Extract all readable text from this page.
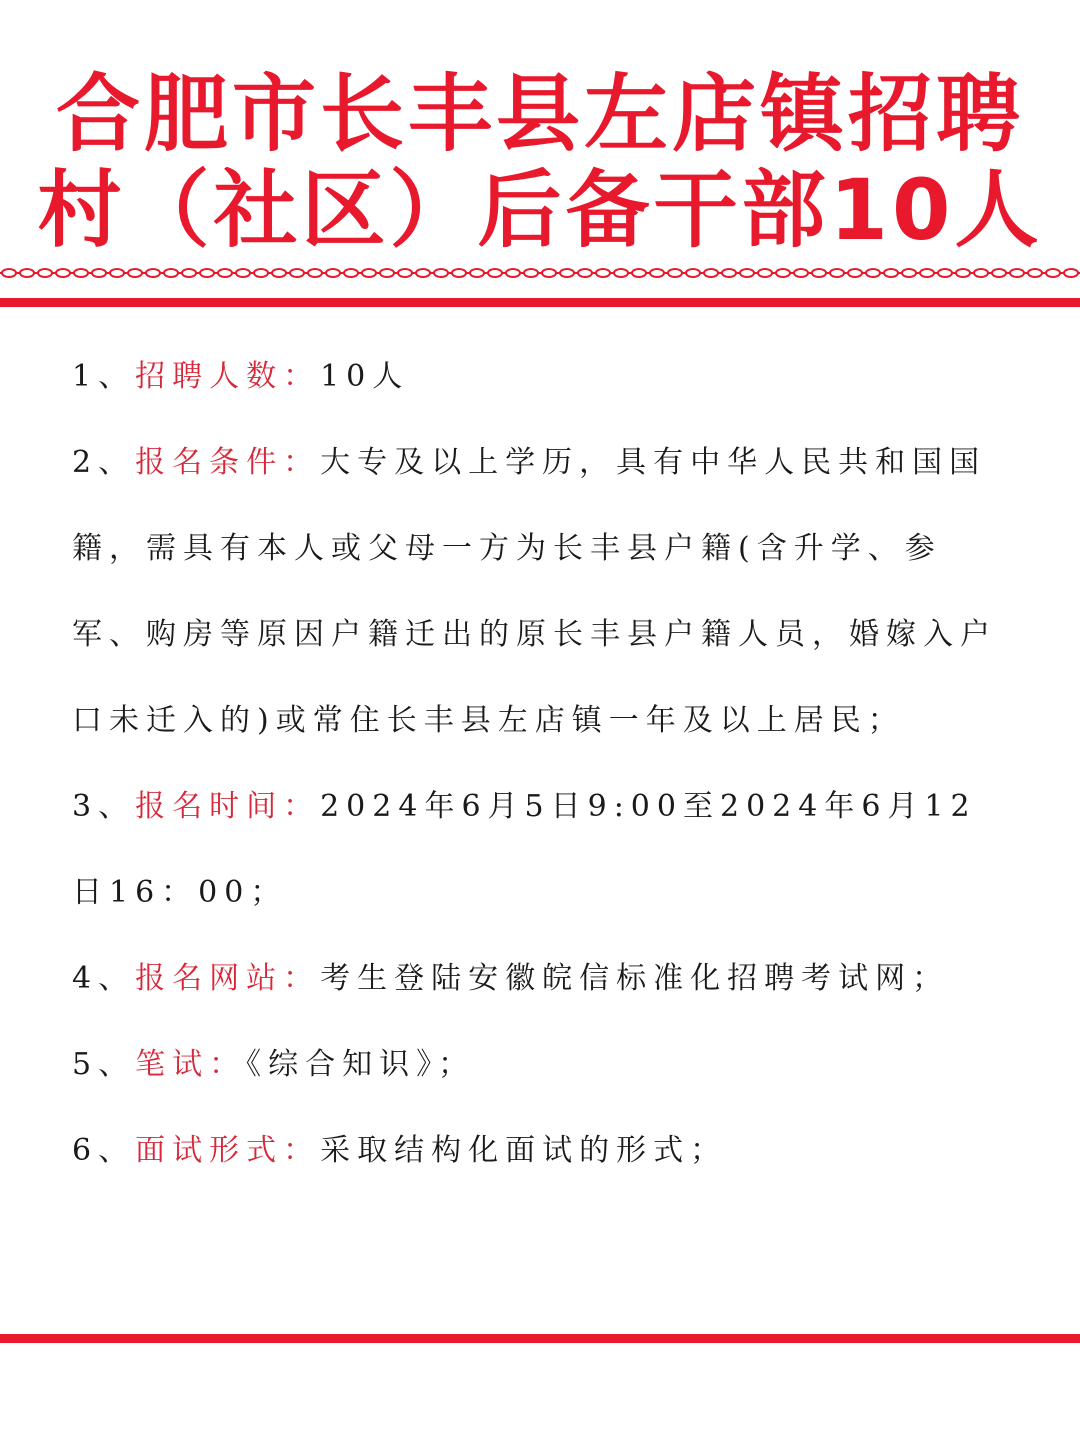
合肥市长丰县左店镇招聘
村（社区）后备干部10人

1、招聘人数：10人

2、报名条件：大专及以上学历，具有中华人民共和国国籍，需具有本人或父母一方为长丰县户籍(含升学、参军、购房等原因户籍迁出的原长丰县户籍人员，婚嫁入户口未迁入的)或常住长丰县左店镇一年及以上居民；

3、报名时间：2024年6月5日9:00至2024年6月12日16：00；

4、报名网站：考生登陆安徽皖信标准化招聘考试网；

5、笔试：《综合知识》；

6、面试形式：采取结构化面试的形式；
